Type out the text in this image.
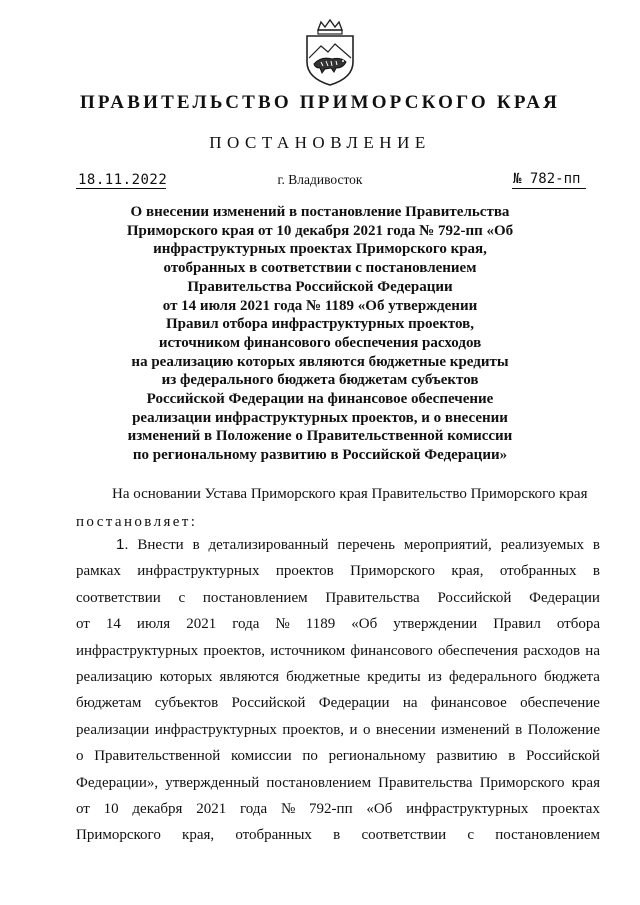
ПРАВИТЕЛЬСТВО ПРИМОРСКОГО КРАЯ
ПОСТАНОВЛЕНИЕ
18.11.2022	г. Владивосток	№ 782-пп
О внесении изменений в постановление Правительства
Приморского края от 10 декабря 2021 года № 792-пп «Об
инфраструктурных проектах Приморского края,
отобранных в соответствии с постановлением
Правительства Российской Федерации
от 14 июля 2021 года № 1189 «Об утверждении
Правил отбора инфраструктурных проектов,
источником финансового обеспечения расходов
на реализацию которых являются бюджетные кредиты
из федерального бюджета бюджетам субъектов
Российской Федерации на финансовое обеспечение
реализации инфраструктурных проектов, и о внесении
изменений в Положение о Правительственной комиссии
по региональному развитию в Российской Федерации»
На основании Устава Приморского края Правительство Приморского края
постановляет:
1. Внести в детализированный перечень мероприятий, реализуемых в
рамках инфраструктурных проектов Приморского края, отобранных в
соответствии с постановлением Правительства Российской Федерации
от 14 июля 2021 года № 1189 «Об утверждении Правил отбора
инфраструктурных проектов, источником финансового обеспечения расходов на
реализацию которых являются бюджетные кредиты из федерального бюджета
бюджетам субъектов Российской Федерации на финансовое обеспечение
реализации инфраструктурных проектов, и о внесении изменений в Положение
о Правительственной комиссии по региональному развитию в Российской
Федерации», утвержденный постановлением Правительства Приморского края
от 10 декабря 2021 года № 792-пп «Об инфраструктурных проектах
Приморского края, отобранных в соответствии с постановлением
